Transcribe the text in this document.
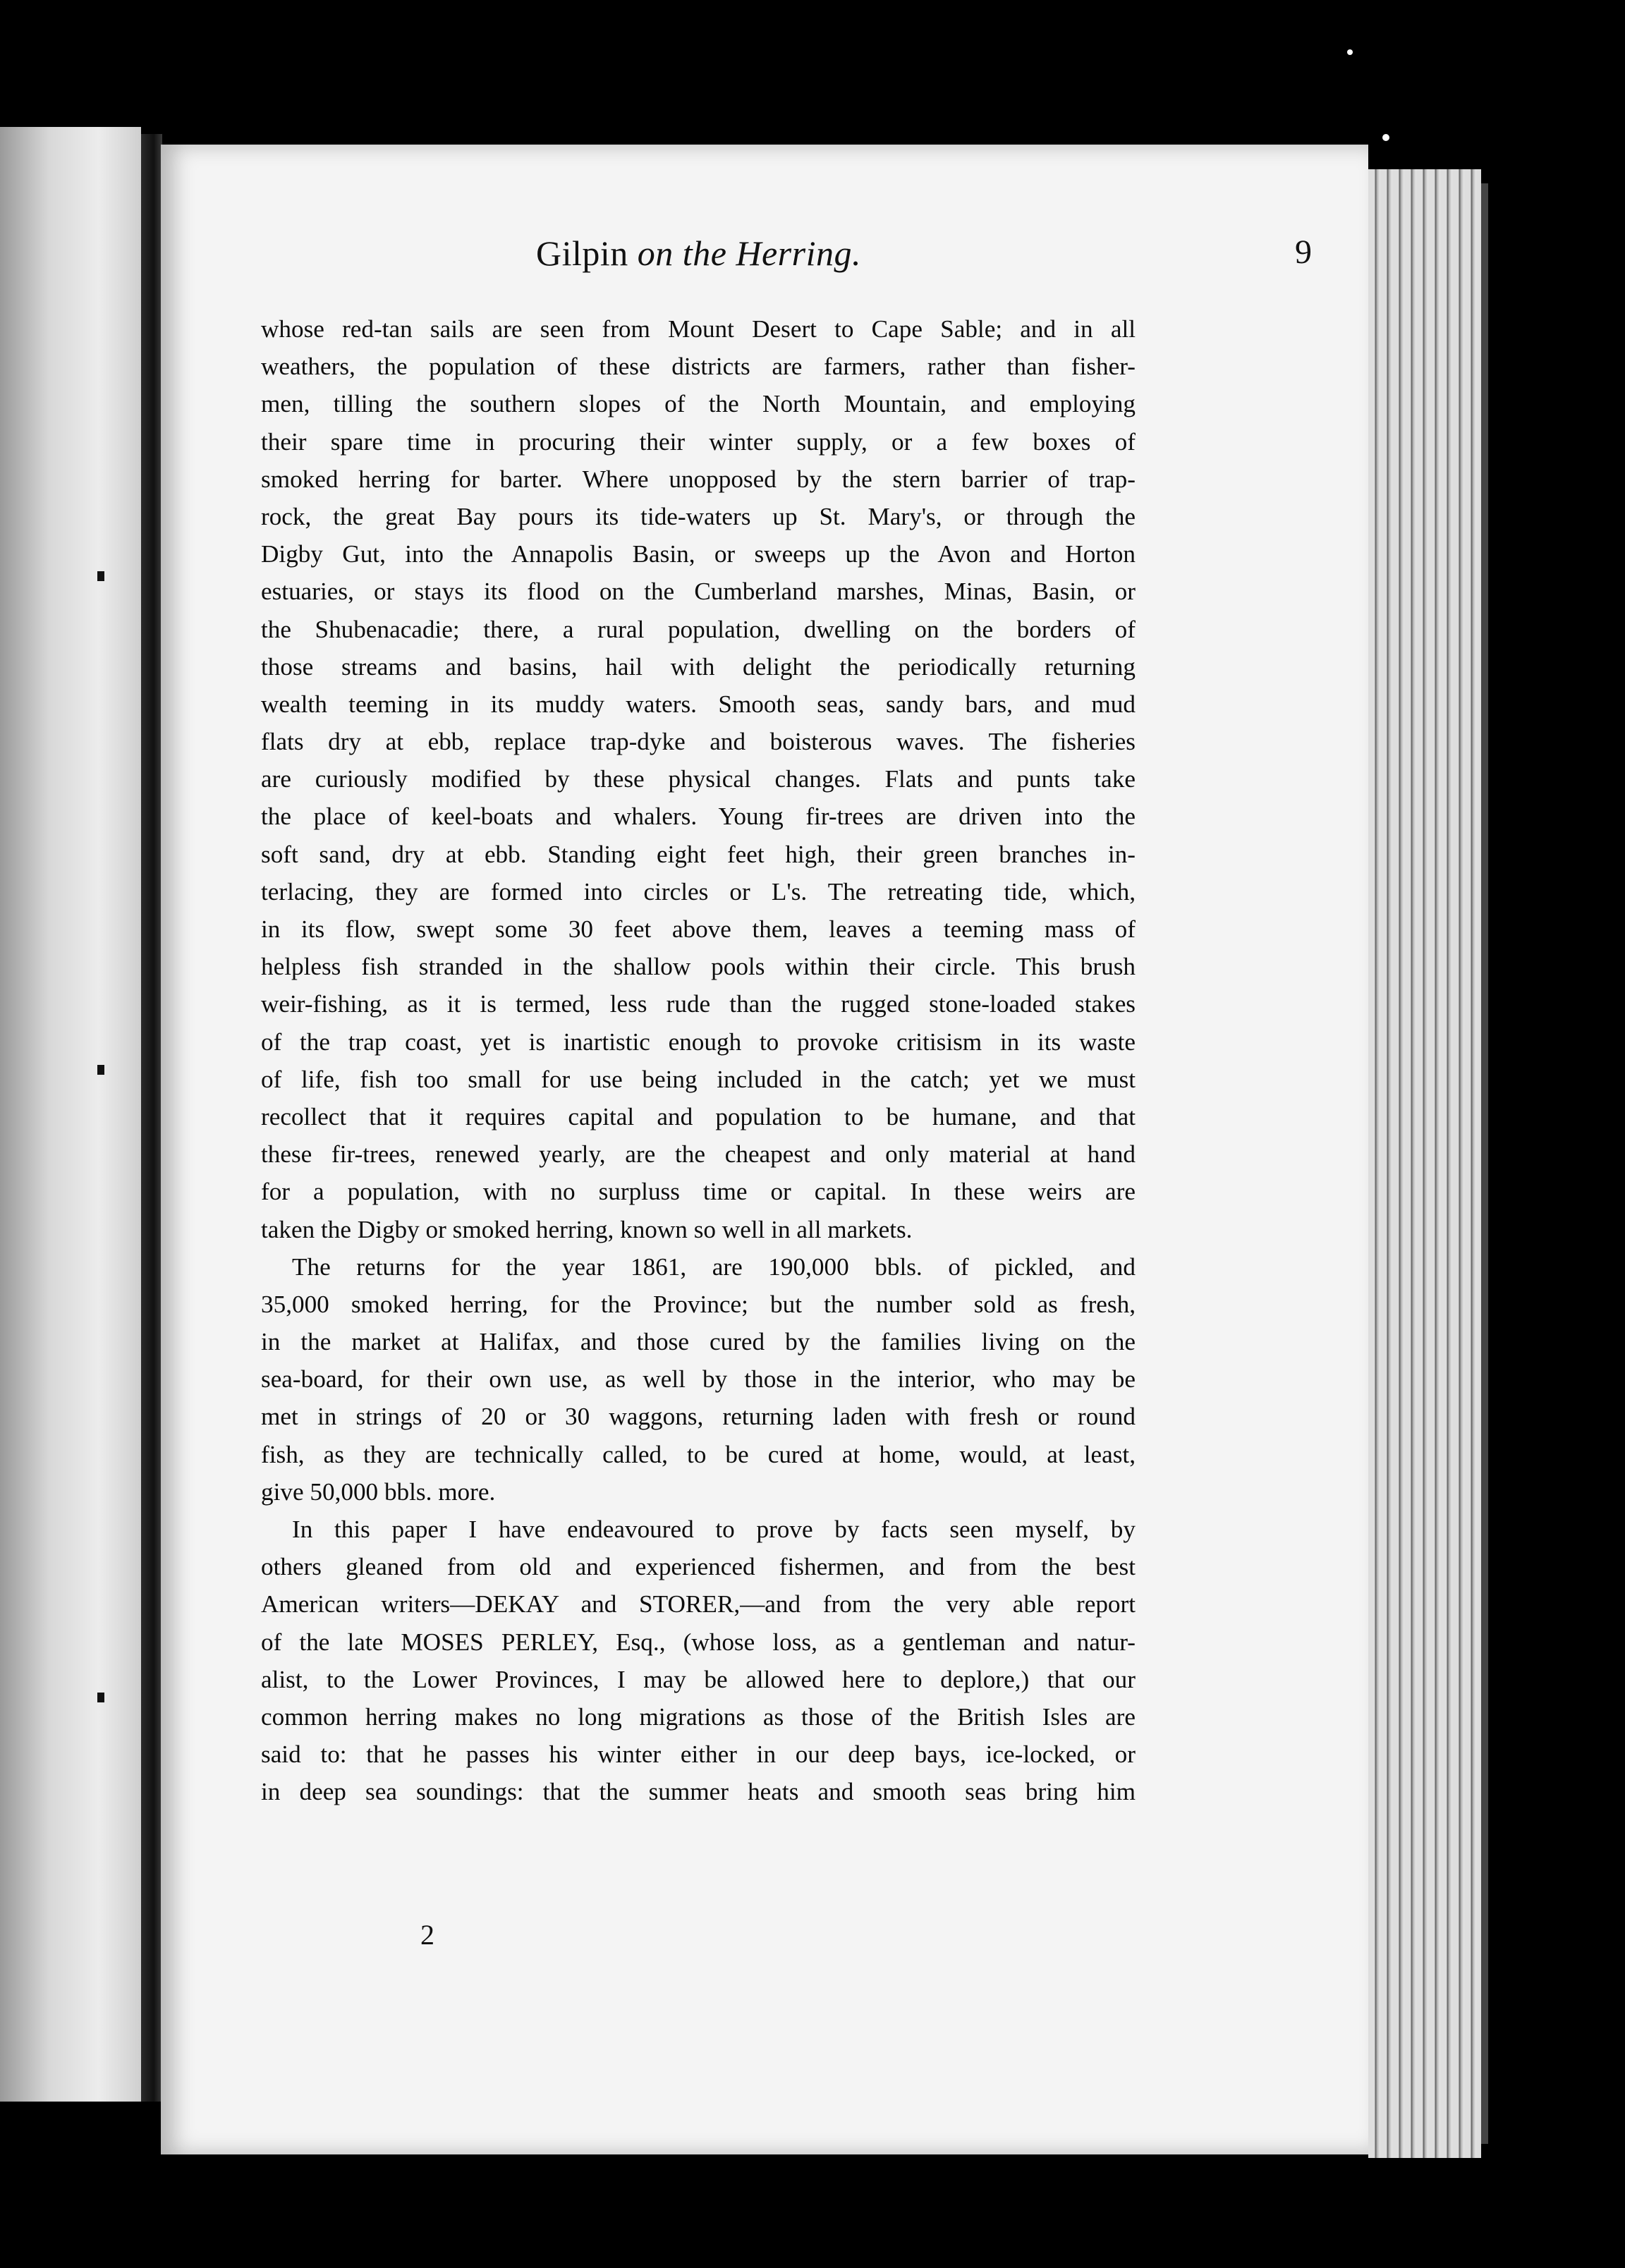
Gilpin on the Herring.	9
whose red-tan sails are seen from Mount Desert to Cape Sable; and in all
weathers, the population of these districts are farmers, rather than fisher-
men, tilling the southern slopes of the North Mountain, and employing
their spare time in procuring their winter supply, or a few boxes of
smoked herring for barter. Where unopposed by the stern barrier of trap-
rock, the great Bay pours its tide-waters up St. Mary's, or through the
Digby Gut, into the Annapolis Basin, or sweeps up the Avon and Horton
estuaries, or stays its flood on the Cumberland marshes, Minas, Basin, or
the Shubenacadie; there, a rural population, dwelling on the borders of
those streams and basins, hail with delight the periodically returning
wealth teeming in its muddy waters. Smooth seas, sandy bars, and mud
flats dry at ebb, replace trap-dyke and boisterous waves. The fisheries
are curiously modified by these physical changes. Flats and punts take
the place of keel-boats and whalers. Young fir-trees are driven into the
soft sand, dry at ebb. Standing eight feet high, their green branches in-
terlacing, they are formed into circles or L's. The retreating tide, which,
in its flow, swept some 30 feet above them, leaves a teeming mass of
helpless fish stranded in the shallow pools within their circle. This brush
weir-fishing, as it is termed, less rude than the rugged stone-loaded stakes
of the trap coast, yet is inartistic enough to provoke critisism in its waste
of life, fish too small for use being included in the catch; yet we must
recollect that it requires capital and population to be humane, and that
these fir-trees, renewed yearly, are the cheapest and only material at hand
for a population, with no surpluss time or capital. In these weirs are
taken the Digby or smoked herring, known so well in all markets.
The returns for the year 1861, are 190,000 bbls. of pickled, and
35,000 smoked herring, for the Province; but the number sold as fresh,
in the market at Halifax, and those cured by the families living on the
sea-board, for their own use, as well by those in the interior, who may be
met in strings of 20 or 30 waggons, returning laden with fresh or round
fish, as they are technically called, to be cured at home, would, at least,
give 50,000 bbls. more.
In this paper I have endeavoured to prove by facts seen myself, by
others gleaned from old and experienced fishermen, and from the best
American writers—DEKAY and STORER,—and from the very able report
of the late MOSES PERLEY, Esq., (whose loss, as a gentleman and natur-
alist, to the Lower Provinces, I may be allowed here to deplore,) that our
common herring makes no long migrations as those of the British Isles are
said to: that he passes his winter either in our deep bays, ice-locked, or
in deep sea soundings: that the summer heats and smooth seas bring him
2
